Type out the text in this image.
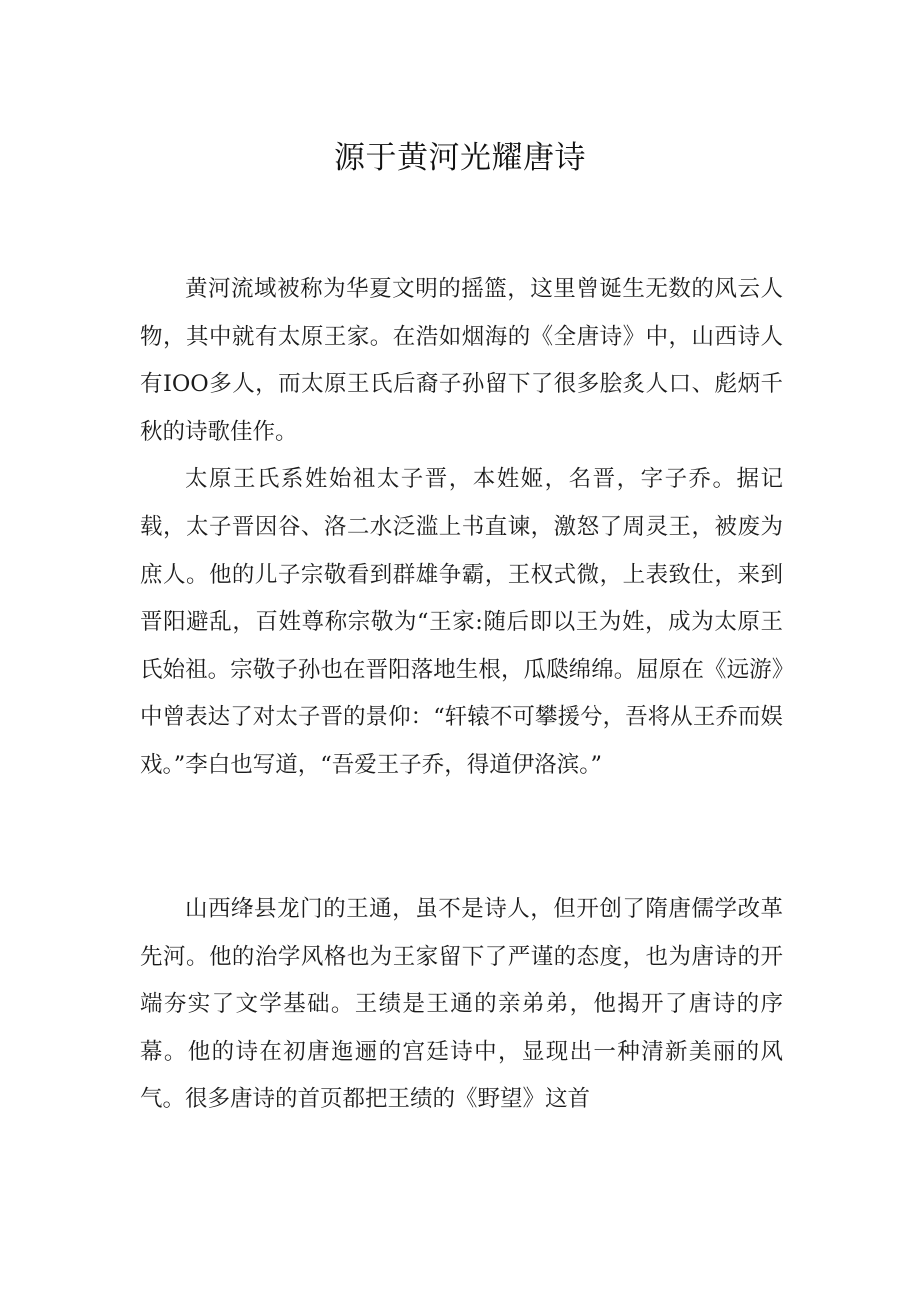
源于黄河光耀唐诗

黄河流域被称为华夏文明的摇篮，这里曾诞生无数的风云人物，其中就有太原王家。在浩如烟海的《全唐诗》中，山西诗人有IOO多人，而太原王氏后裔子孙留下了很多脍炙人口、彪炳千秋的诗歌佳作。

太原王氏系姓始祖太子晋，本姓姬，名晋，字子乔。据记载，太子晋因谷、洛二水泛滥上书直谏，激怒了周灵王，被废为庶人。他的儿子宗敬看到群雄争霸，王权式微，上表致仕，来到晋阳避乱，百姓尊称宗敬为“王家:随后即以王为姓，成为太原王氏始祖。宗敬子孙也在晋阳落地生根，瓜瓞绵绵。屈原在《远游》中曾表达了对太子晋的景仰：“轩辕不可攀援兮，吾将从王乔而娱戏。”李白也写道，“吾爱王子乔，得道伊洛滨。”

山西绛县龙门的王通，虽不是诗人，但开创了隋唐儒学改革先河。他的治学风格也为王家留下了严谨的态度，也为唐诗的开端夯实了文学基础。王绩是王通的亲弟弟，他揭开了唐诗的序幕。他的诗在初唐迤逦的宫廷诗中，显现出一种清新美丽的风气。很多唐诗的首页都把王绩的《野望》这首
